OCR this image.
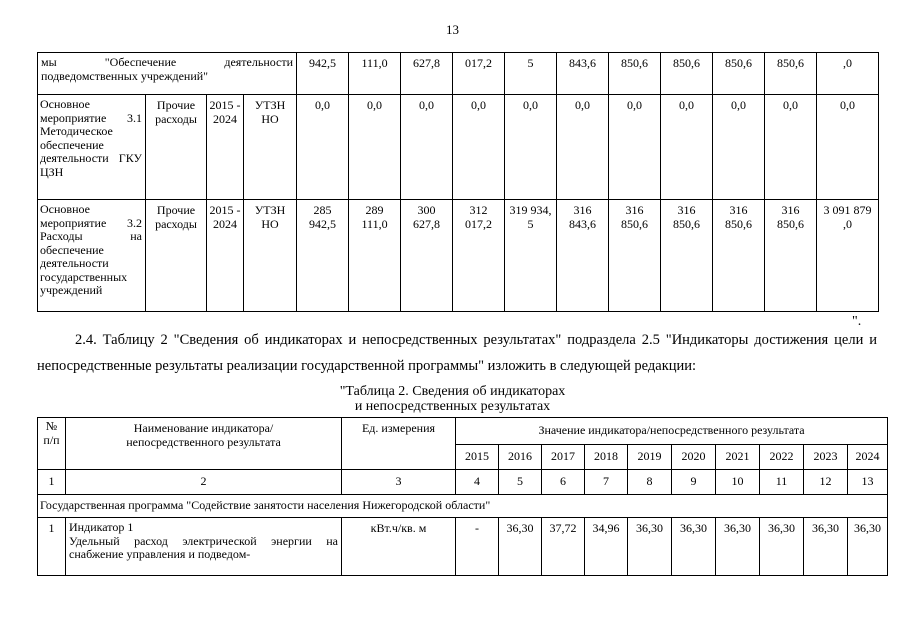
13
мы "Обеспечение деятельности подведомственных учреждений"				942,5	111,0	627,8	017,2	5	843,6	850,6	850,6	850,6	850,6	,0
Основное мероприятие 3.1 Методическое обеспечение деятельности ГКУ ЦЗН	Прочие расходы	2015 - 2024	УТЗН НО	0,0	0,0	0,0	0,0	0,0	0,0	0,0	0,0	0,0	0,0	0,0
Основное мероприятие 3.2 Расходы на обеспечение деятельности государственных учреждений	Прочие расходы	2015 - 2024	УТЗН НО	285 942,5	289 111,0	300 627,8	312 017,2	319 934, 5	316 843,6	316 850,6	316 850,6	316 850,6	316 850,6	3 091 879 ,0
".
2.4. Таблицу 2 "Сведения об индикаторах и непосредственных результатах" подраздела 2.5 "Индикаторы достижения цели и непосредственные результаты реализации государственной программы" изложить в следующей редакции:
"Таблица 2. Сведения об индикаторах
и непосредственных результатах
№ п/п	Наименование индикатора/непосредственного результата	Ед. измерения	Значение индикатора/непосредственного результата									
			2015	2016	2017	2018	2019	2020	2021	2022	2023	2024
1	2	3	4	5	6	7	8	9	10	11	12	13
Государственная программа "Содействие занятости населения Нижегородской области"												
1	Индикатор 1
Удельный расход электрической энергии на снабжение управления и подведом-	кВт.ч/кв. м	-	36,30	37,72	34,96	36,30	36,30	36,30	36,30	36,30	36,30
